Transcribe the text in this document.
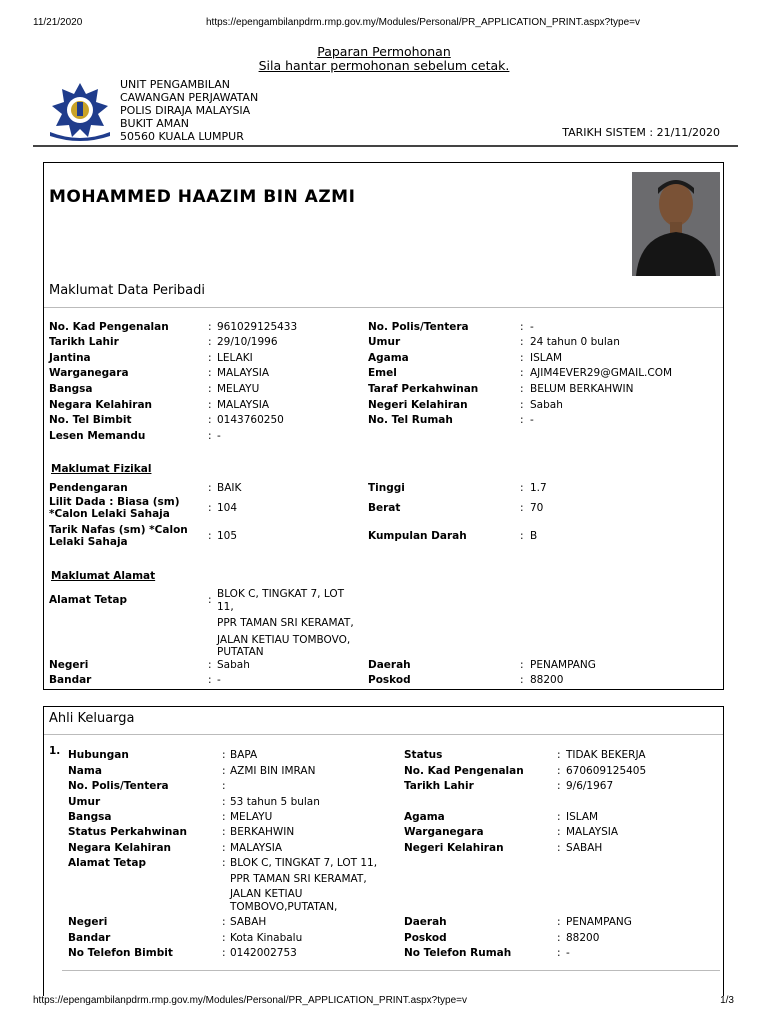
11/21/2020	https://epengambilanpdrm.rmp.gov.my/Modules/Personal/PR_APPLICATION_PRINT.aspx?type=v
Paparan Permohonan
Sila hantar permohonan sebelum cetak.
UNIT PENGAMBILAN
CAWANGAN PERJAWATAN
POLIS DIRAJA MALAYSIA
BUKIT AMAN
50560 KUALA LUMPUR	TARIKH SISTEM : 21/11/2020
MOHAMMED HAAZIM BIN AZMI
Maklumat Data Peribadi
No. Kad Pengenalan	: 961029125433	No. Polis/Tentera	: -
Tarikh Lahir	: 29/10/1996	Umur	: 24 tahun 0 bulan
Jantina	: LELAKI	Agama	: ISLAM
Warganegara	: MALAYSIA	Emel	: AJIM4EVER29@GMAIL.COM
Bangsa	: MELAYU	Taraf Perkahwinan	: BELUM BERKAHWIN
Negara Kelahiran	: MALAYSIA	Negeri Kelahiran	: Sabah
No. Tel Bimbit	: 0143760250	No. Tel Rumah	: -
Lesen Memandu	: -
Maklumat Fizikal
Pendengaran	: BAIK	Tinggi	: 1.7
Lilit Dada : Biasa (sm)
*Calon Lelaki Sahaja	: 104	Berat	: 70
Tarik Nafas (sm) *Calon
Lelaki Sahaja	: 105	Kumpulan Darah	: B
Maklumat Alamat
Alamat Tetap	: BLOK C, TINGKAT 7, LOT
11,
PPR TAMAN SRI KERAMAT,
JALAN KETIAU TOMBOVO,
PUTATAN
Negeri	: Sabah	Daerah	: PENAMPANG
Bandar	: -	Poskod	: 88200
Ahli Keluarga
1. Hubungan	: BAPA	Status	: TIDAK BEKERJA
Nama	: AZMI BIN IMRAN	No. Kad Pengenalan	: 670609125405
No. Polis/Tentera	:	Tarikh Lahir	: 9/6/1967
Umur	: 53 tahun 5 bulan
Bangsa	: MELAYU	Agama	: ISLAM
Status Perkahwinan	: BERKAHWIN	Warganegara	: MALAYSIA
Negara Kelahiran	: MALAYSIA	Negeri Kelahiran	: SABAH
Alamat Tetap	: BLOK C, TINGKAT 7, LOT 11,
PPR TAMAN SRI KERAMAT,
JALAN KETIAU
TOMBOVO,PUTATAN,
Negeri	: SABAH	Daerah	: PENAMPANG
Bandar	: Kota Kinabalu	Poskod	: 88200
No Telefon Bimbit	: 0142002753	No Telefon Rumah	: -
https://epengambilanpdrm.rmp.gov.my/Modules/Personal/PR_APPLICATION_PRINT.aspx?type=v	1/3
